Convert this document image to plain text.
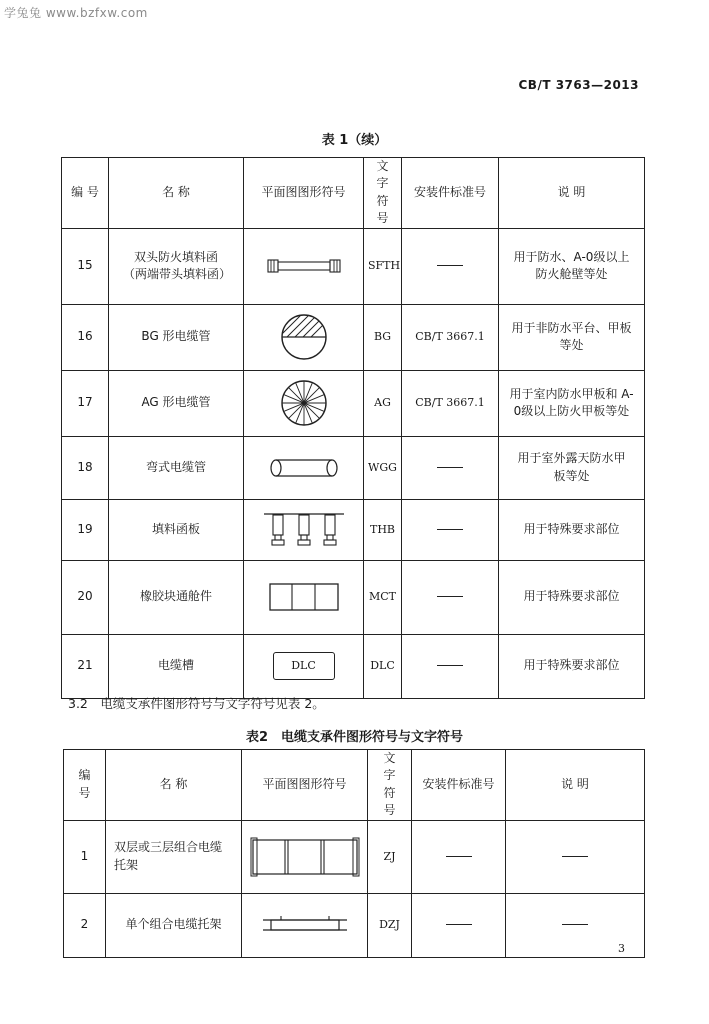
学兔兔 www.bzfxw.com
CB/T 3763—2013
表 1（续）
编 号	名 称	平面图图形符号	文字符号	安装件标准号	说 明
15	双头防火填料函（两端带头填料函）		SFTH		用于防水、A-0级以上防火舱壁等处
16	BG 形电缆管		BG	CB/T 3667.1	用于非防水平台、甲板等处
17	AG 形电缆管		AG	CB/T 3667.1	用于室内防水甲板和 A-0级以上防火甲板等处
18	弯式电缆管		WGG		用于室外露天防水甲板等处
19	填料函板		THB		用于特殊要求部位
20	橡胶块通舱件		MCT		用于特殊要求部位
21	电缆槽	DLC	DLC		用于特殊要求部位
3.2　电缆支承件图形符号与文字符号见表 2。
表2　电缆支承件图形符号与文字符号
编号	名 称	平面图图形符号	文字符号	安装件标准号	说 明
1	双层或三层组合电缆托架		ZJ		
2	单个组合电缆托架		DZJ		
3
